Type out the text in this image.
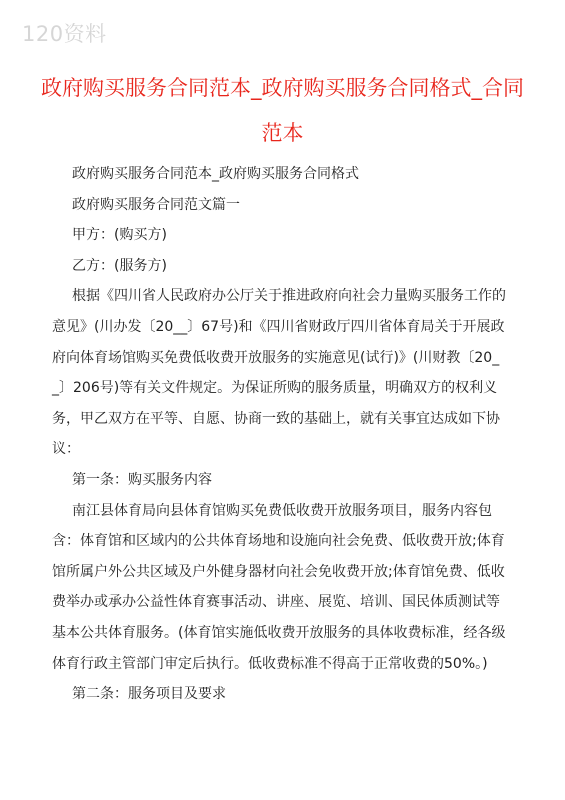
120资料
政府购买服务合同范本_政府购买服务合同格式_合同范本

政府购买服务合同范本_政府购买服务合同格式

政府购买服务合同范文篇一

甲方：(购买方)

乙方：(服务方)

根据《四川省人民政府办公厅关于推进政府向社会力量购买服务工作的意见》(川办发〔20__〕67号)和《四川省财政厅四川省体育局关于开展政府向体育场馆购买免费低收费开放服务的实施意见(试行)》(川财教〔20__〕206号)等有关文件规定。为保证所购的服务质量，明确双方的权利义务，甲乙双方在平等、自愿、协商一致的基础上，就有关事宜达成如下协议：

第一条：购买服务内容

南江县体育局向县体育馆购买免费低收费开放服务项目，服务内容包含：体育馆和区域内的公共体育场地和设施向社会免费、低收费开放;体育馆所属户外公共区域及户外健身器材向社会免收费开放;体育馆免费、低收费举办或承办公益性体育赛事活动、讲座、展览、培训、国民体质测试等基本公共体育服务。(体育馆实施低收费开放服务的具体收费标准，经各级体育行政主管部门审定后执行。低收费标准不得高于正常收费的50%。)

第二条：服务项目及要求
